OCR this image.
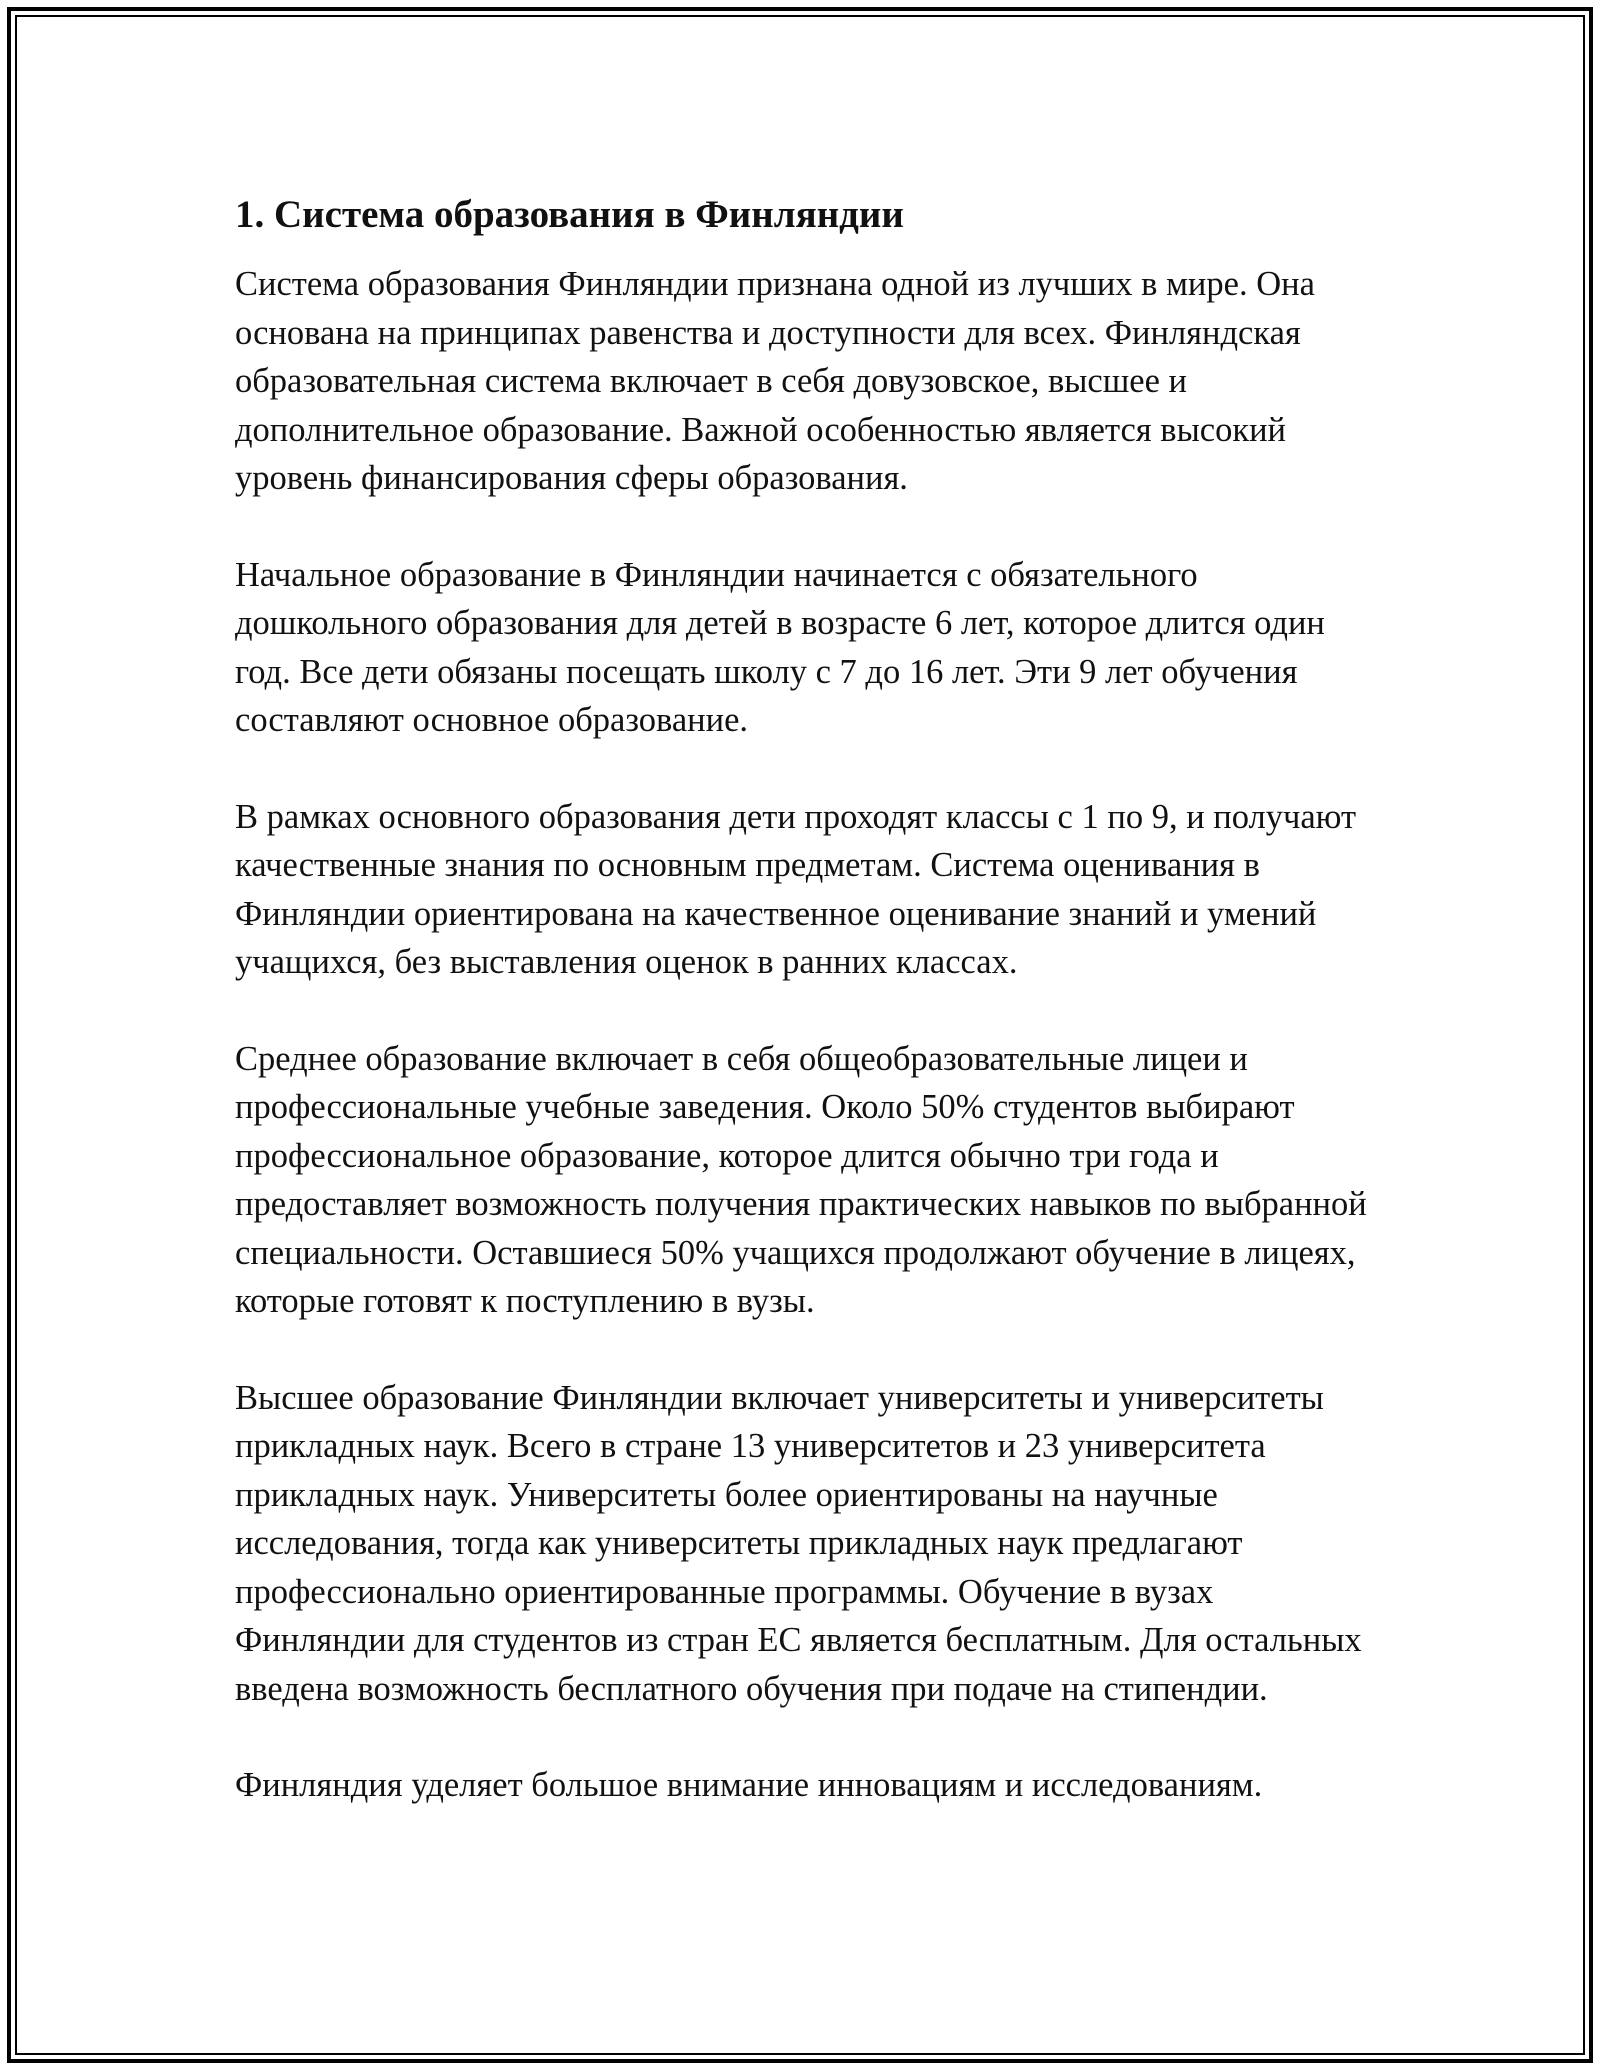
1. Система образования в Финляндии

Система образования Финляндии признана одной из лучших в мире. Она основана на принципах равенства и доступности для всех. Финляндская образовательная система включает в себя довузовское, высшее и дополнительное образование. Важной особенностью является высокий уровень финансирования сферы образования.

Начальное образование в Финляндии начинается с обязательного дошкольного образования для детей в возрасте 6 лет, которое длится один год. Все дети обязаны посещать школу с 7 до 16 лет. Эти 9 лет обучения составляют основное образование.

В рамках основного образования дети проходят классы с 1 по 9, и получают качественные знания по основным предметам. Система оценивания в Финляндии ориентирована на качественное оценивание знаний и умений учащихся, без выставления оценок в ранних классах.

Среднее образование включает в себя общеобразовательные лицеи и профессиональные учебные заведения. Около 50% студентов выбирают профессиональное образование, которое длится обычно три года и предоставляет возможность получения практических навыков по выбранной специальности. Оставшиеся 50% учащихся продолжают обучение в лицеях, которые готовят к поступлению в вузы.

Высшее образование Финляндии включает университеты и университеты прикладных наук. Всего в стране 13 университетов и 23 университета прикладных наук. Университеты более ориентированы на научные исследования, тогда как университеты прикладных наук предлагают профессионально ориентированные программы. Обучение в вузах Финляндии для студентов из стран ЕС является бесплатным. Для остальных введена возможность бесплатного обучения при подаче на стипендии.

Финляндия уделяет большое внимание инновациям и исследованиям.
